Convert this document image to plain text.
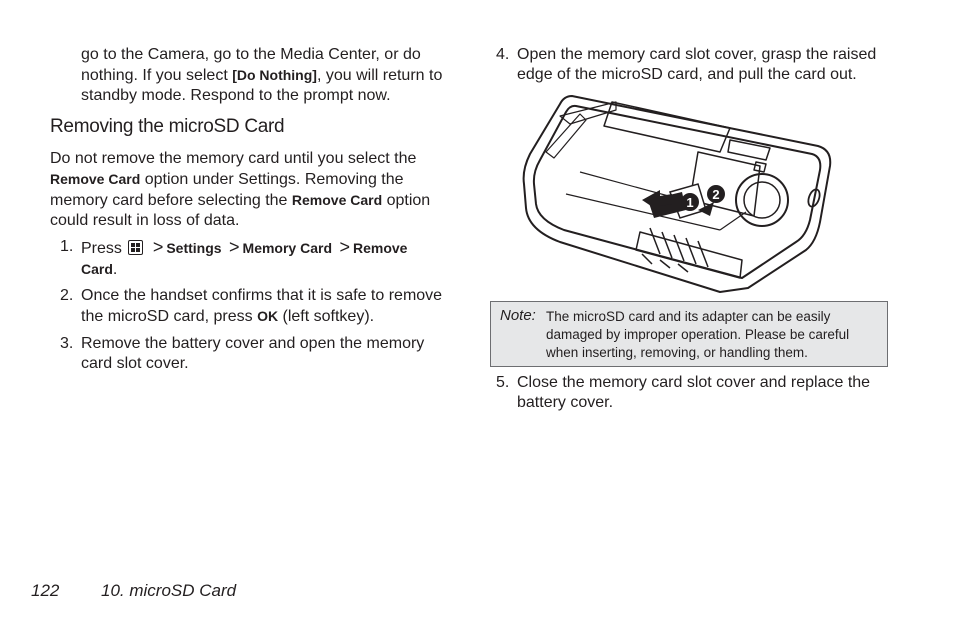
go to the Camera, go to the Media Center, or do
nothing. If you select [Do Nothing], you will return to
standby mode. Respond to the prompt now.
Removing the microSD Card
Do not remove the memory card until you select the
Remove Card option under Settings. Removing the
memory card before selecting the Remove Card option
could result in loss of data.
1. Press > Settings > Memory Card > Remove
Card.
2. Once the handset confirms that it is safe to remove
the microSD card, press OK (left softkey).
3. Remove the battery cover and open the memory
card slot cover.
4. Open the memory card slot cover, grasp the raised
edge of the microSD card, and pull the card out.
1
2
Note: The microSD card and its adapter can be easily
damaged by improper operation. Please be careful
when inserting, removing, or handling them.
5. Close the memory card slot cover and replace the
battery cover.
122 10. microSD Card
